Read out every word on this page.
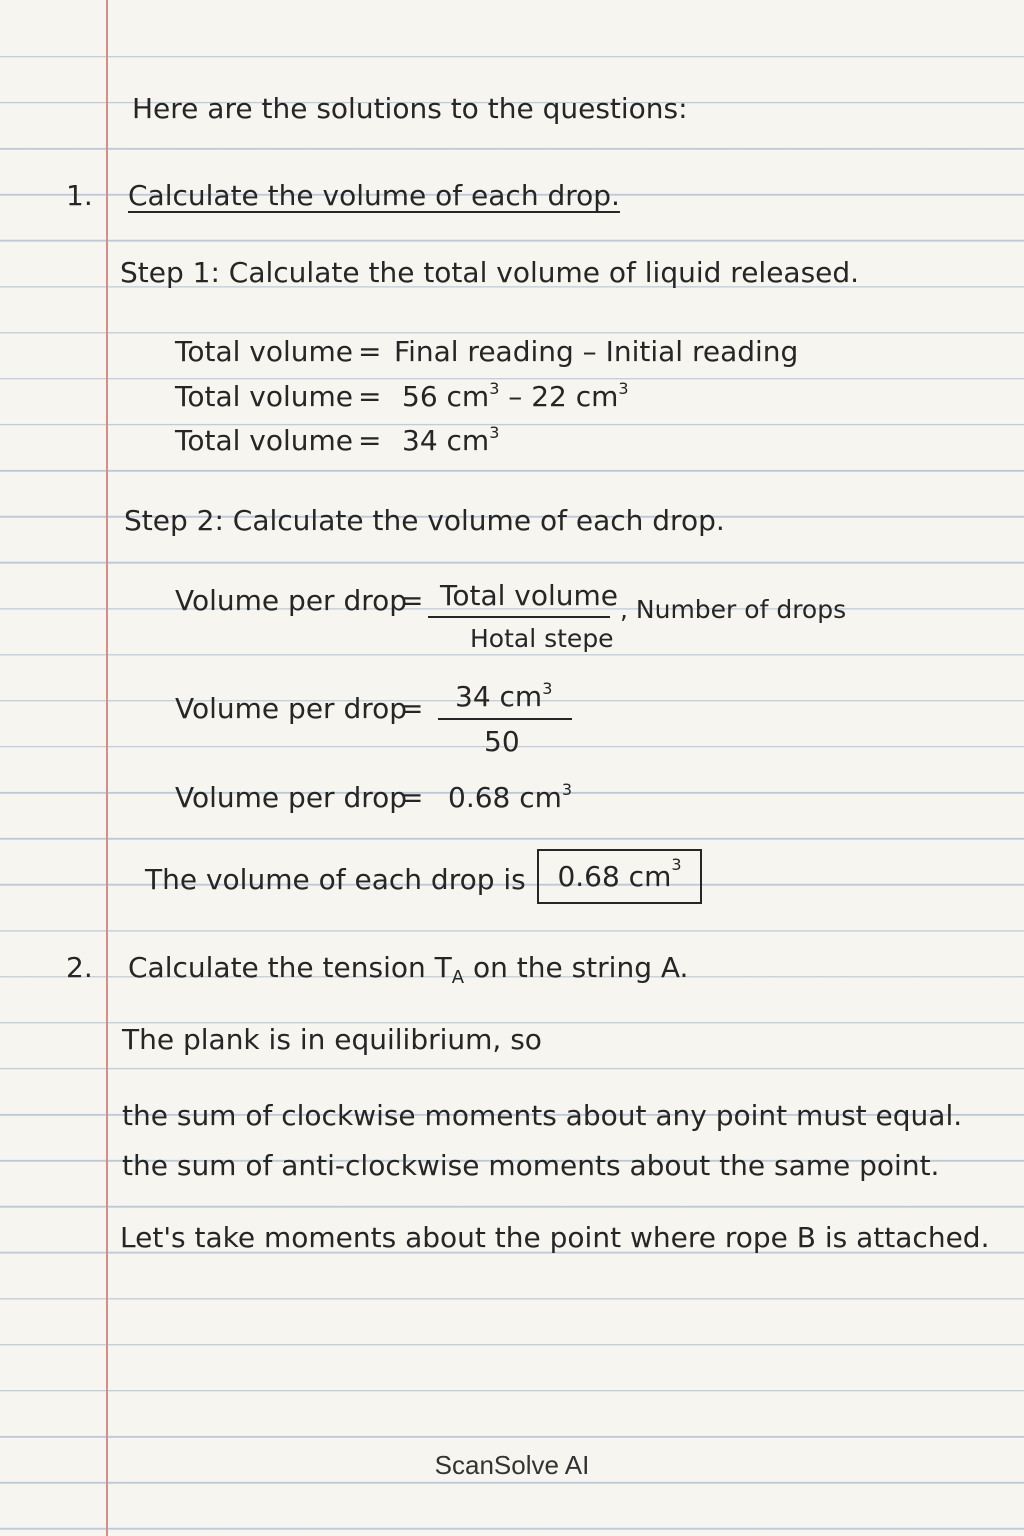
Here are the solutions to the questions:
1. Calculate the volume of each drop.
Step 1: Calculate the total volume of liquid released.
Total volume = Final reading – Initial reading
Total volume = 56 $cm^3 - 22$ $cm^3$
Total volume = 34 $cm^3$
Step 2: Calculate the volume of each drop.
Volume per drop
= Total volume
Hotal stepe
, Number of drops
Volume per drop
= 34 $cm^3$
50
Volume per drop
= 0.68 $cm^3$
The volume of each drop is 0.68 $cm^3$
2. Calculate the tension $T_A$ on the string A.
The plank is in equilibrium, so
the sum of clockwise moments about any point must equal.
the sum of anti-clockwise moments about the same point.
Let's take moments about the point where rope B is attached.
ScanSolve AI
